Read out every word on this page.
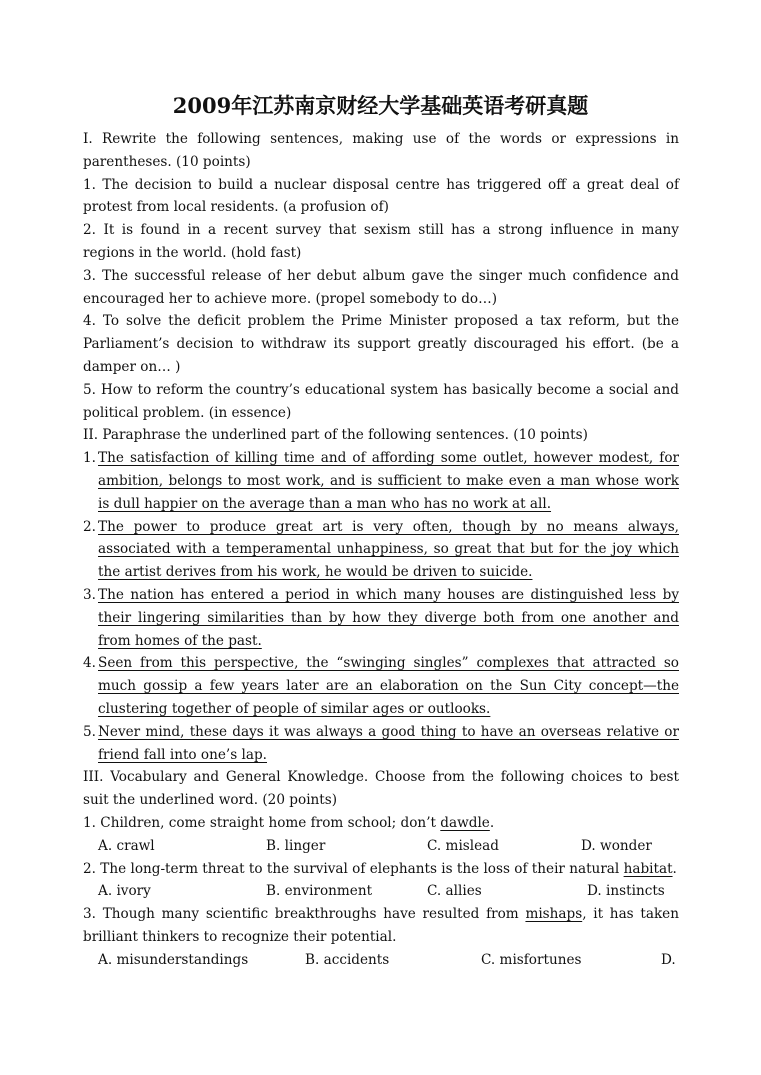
2009年江苏南京财经大学基础英语考研真题

I. Rewrite the following sentences, making use of the words or expressions in parentheses. (10 points)

1. The decision to build a nuclear disposal centre has triggered off a great deal of protest from local residents. (a profusion of)

2. It is found in a recent survey that sexism still has a strong influence in many regions in the world. (hold fast)

3. The successful release of her debut album gave the singer much confidence and encouraged her to achieve more. (propel somebody to do…)

4. To solve the deficit problem the Prime Minister proposed a tax reform, but the Parliament’s decision to withdraw its support greatly discouraged his effort. (be a damper on… )

5. How to reform the country’s educational system has basically become a social and political problem. (in essence)

II. Paraphrase the underlined part of the following sentences. (10 points)

1. The satisfaction of killing time and of affording some outlet, however modest, for ambition, belongs to most work, and is sufficient to make even a man whose work is dull happier on the average than a man who has no work at all.
2. The power to produce great art is very often, though by no means always, associated with a temperamental unhappiness, so great that but for the joy which the artist derives from his work, he would be driven to suicide.
3. The nation has entered a period in which many houses are distinguished less by their lingering similarities than by how they diverge both from one another and from homes of the past.
4. Seen from this perspective, the “swinging singles” complexes that attracted so much gossip a few years later are an elaboration on the Sun City concept—the clustering together of people of similar ages or outlooks.
5. Never mind, these days it was always a good thing to have an overseas relative or friend fall into one’s lap.

III. Vocabulary and General Knowledge. Choose from the following choices to best suit the underlined word. (20 points)

1. Children, come straight home from school; don’t dawdle.

A. crawl	B. linger	C. mislead	D. wonder

2. The long-term threat to the survival of elephants is the loss of their natural habitat.

A. ivory	B. environment	C. allies	D. instincts

3. Though many scientific breakthroughs have resulted from mishaps, it has taken brilliant thinkers to recognize their potential.

A. misunderstandings	B. accidents	C. misfortunes	D.
